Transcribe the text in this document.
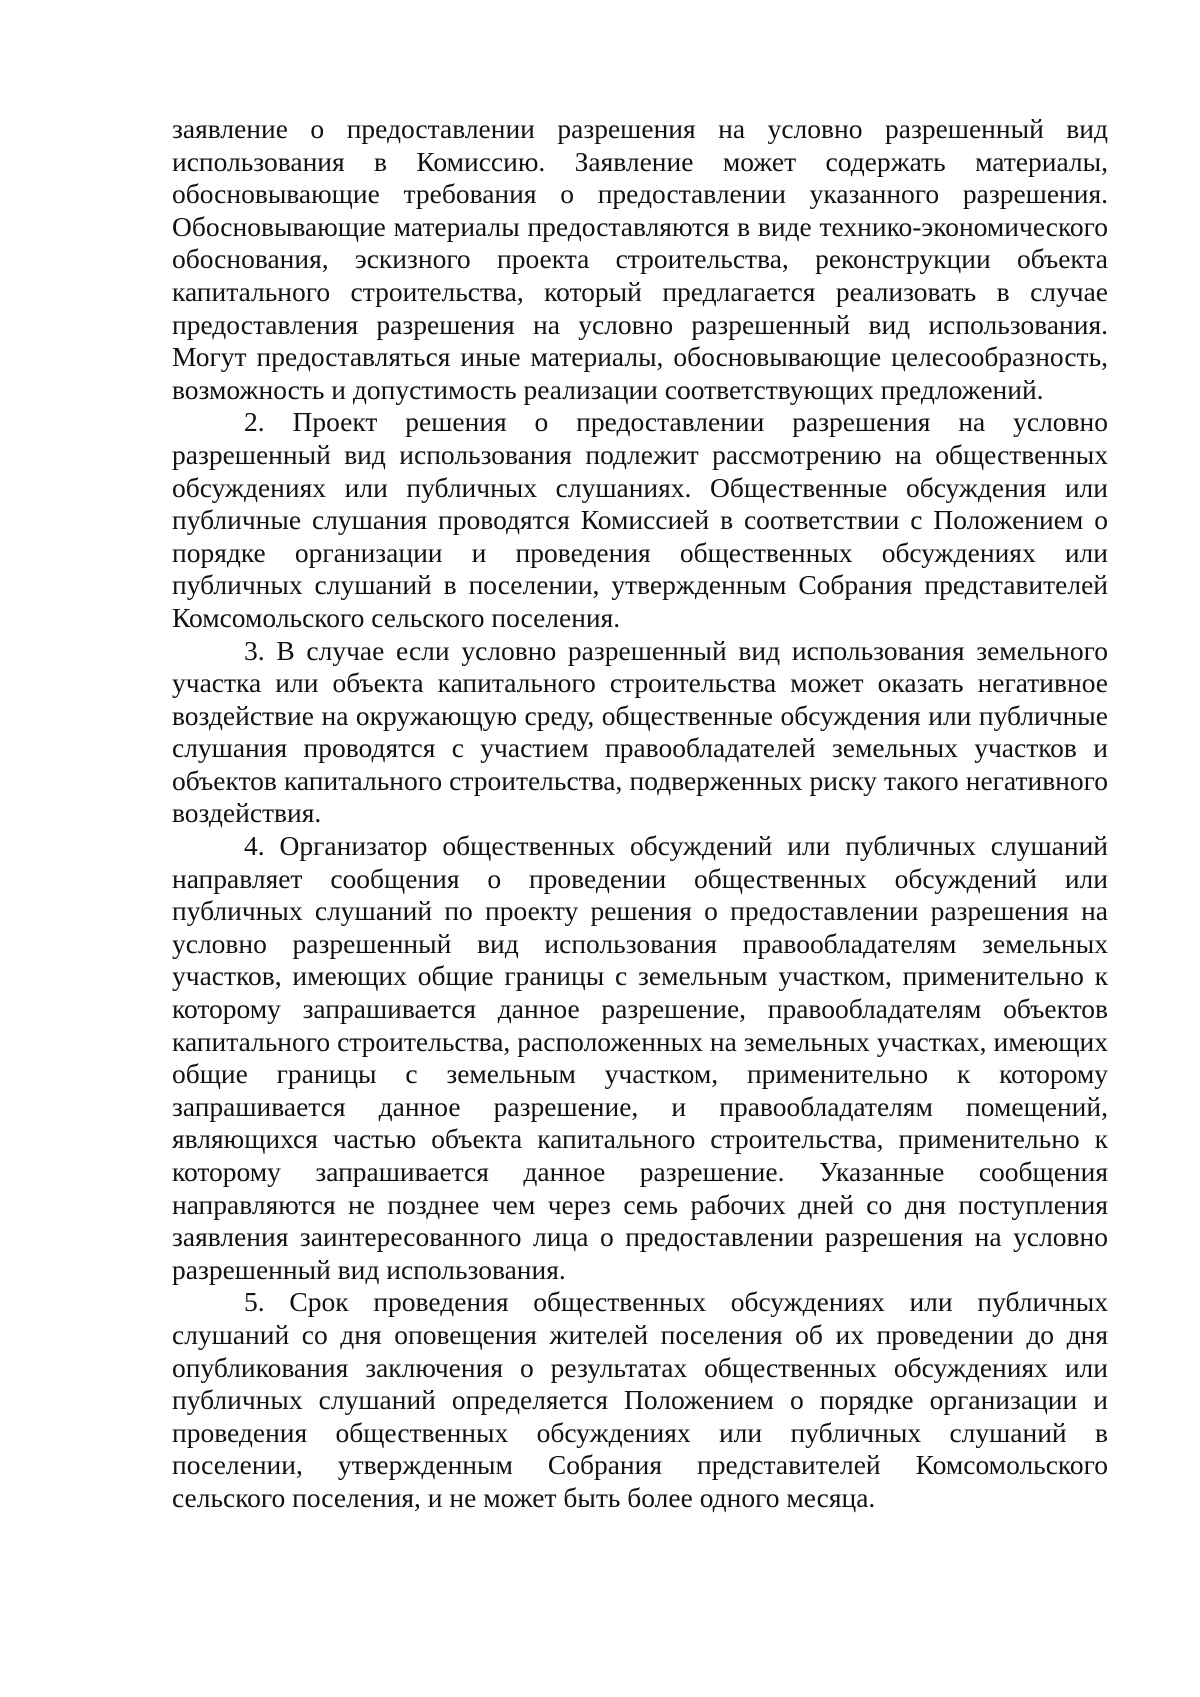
заявление о предоставлении разрешения на условно разрешенный вид использования в Комиссию. Заявление может содержать материалы, обосновывающие требования о предоставлении указанного разрешения. Обосновывающие материалы предоставляются в виде технико-экономического обоснования, эскизного проекта строительства, реконструкции объекта капитального строительства, который предлагается реализовать в случае предоставления разрешения на условно разрешенный вид использования. Могут предоставляться иные материалы, обосновывающие целесообразность, возможность и допустимость реализации соответствующих предложений.

2. Проект решения о предоставлении разрешения на условно разрешенный вид использования подлежит рассмотрению на общественных обсуждениях или публичных слушаниях. Общественные обсуждения или публичные слушания проводятся Комиссией в соответствии с Положением о порядке организации и проведения общественных обсуждениях или публичных слушаний в поселении, утвержденным Собрания представителей Комсомольского сельского поселения.

3. В случае если условно разрешенный вид использования земельного участка или объекта капитального строительства может оказать негативное воздействие на окружающую среду, общественные обсуждения или публичные слушания проводятся с участием правообладателей земельных участков и объектов капитального строительства, подверженных риску такого негативного воздействия.

4. Организатор общественных обсуждений или публичных слушаний направляет сообщения о проведении общественных обсуждений или публичных слушаний по проекту решения о предоставлении разрешения на условно разрешенный вид использования правообладателям земельных участков, имеющих общие границы с земельным участком, применительно к которому запрашивается данное разрешение, правообладателям объектов капитального строительства, расположенных на земельных участках, имеющих общие границы с земельным участком, применительно к которому запрашивается данное разрешение, и правообладателям помещений, являющихся частью объекта капитального строительства, применительно к которому запрашивается данное разрешение. Указанные сообщения направляются не позднее чем через семь рабочих дней со дня поступления заявления заинтересованного лица о предоставлении разрешения на условно разрешенный вид использования.

5. Срок проведения общественных обсуждениях или публичных слушаний со дня оповещения жителей поселения об их проведении до дня опубликования заключения о результатах общественных обсуждениях или публичных слушаний определяется Положением о порядке организации и проведения общественных обсуждениях или публичных слушаний в поселении, утвержденным Собрания представителей Комсомольского сельского поселения, и не может быть более одного месяца.
